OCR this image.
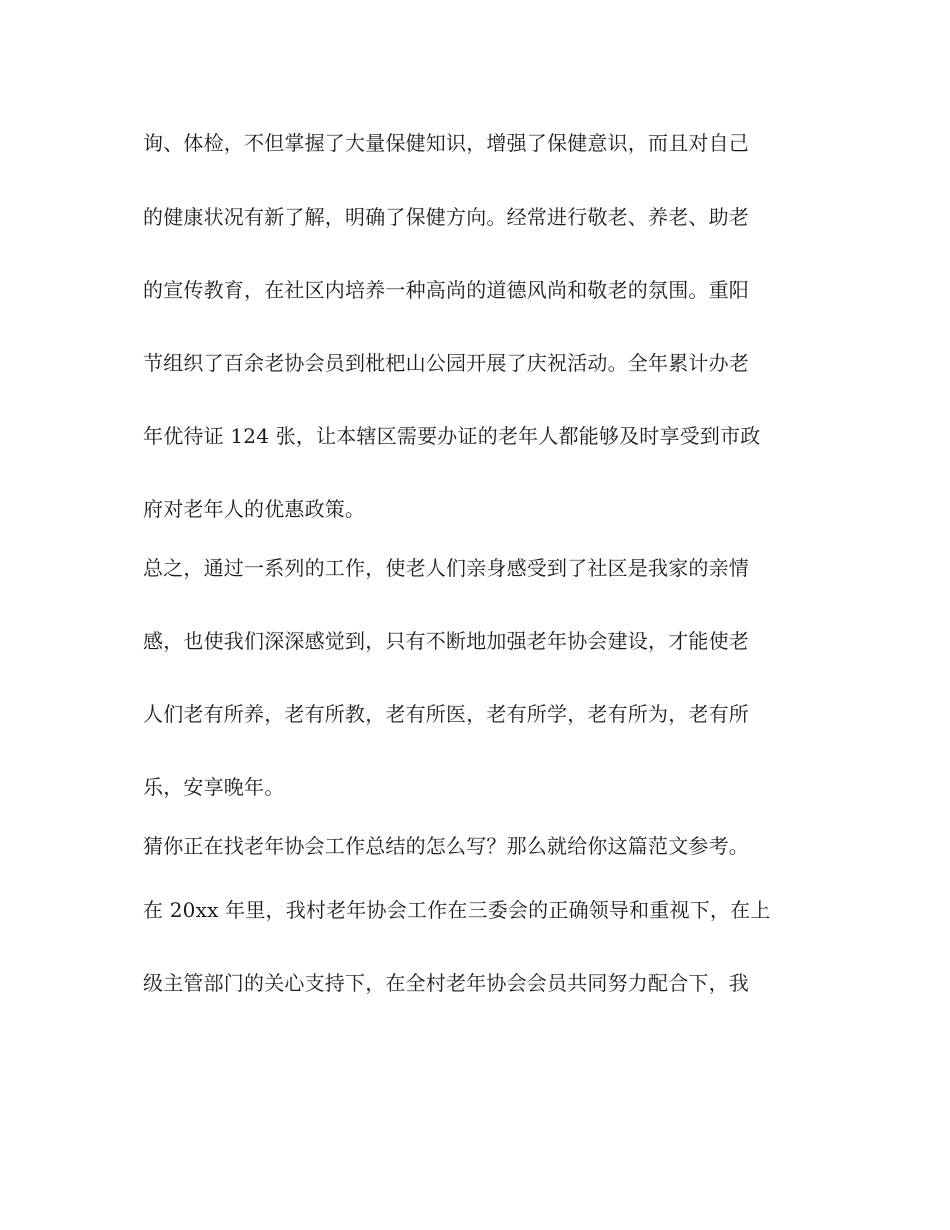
询、体检，不但掌握了大量保健知识，增强了保健意识，而且对自己
的健康状况有新了解，明确了保健方向。经常进行敬老、养老、助老
的宣传教育，在社区内培养一种高尚的道德风尚和敬老的氛围。重阳
节组织了百余老协会员到枇杷山公园开展了庆祝活动。全年累计办老
年优待证 124 张，让本辖区需要办证的老年人都能够及时享受到市政
府对老年人的优惠政策。
总之，通过一系列的工作，使老人们亲身感受到了社区是我家的亲情
感，也使我们深深感觉到，只有不断地加强老年协会建设，才能使老
人们老有所养，老有所教，老有所医，老有所学，老有所为，老有所
乐，安享晚年。
猜你正在找老年协会工作总结的怎么写？那么就给你这篇范文参考。
在 20xx 年里，我村老年协会工作在三委会的正确领导和重视下，在上
级主管部门的关心支持下，在全村老年协会会员共同努力配合下，我
